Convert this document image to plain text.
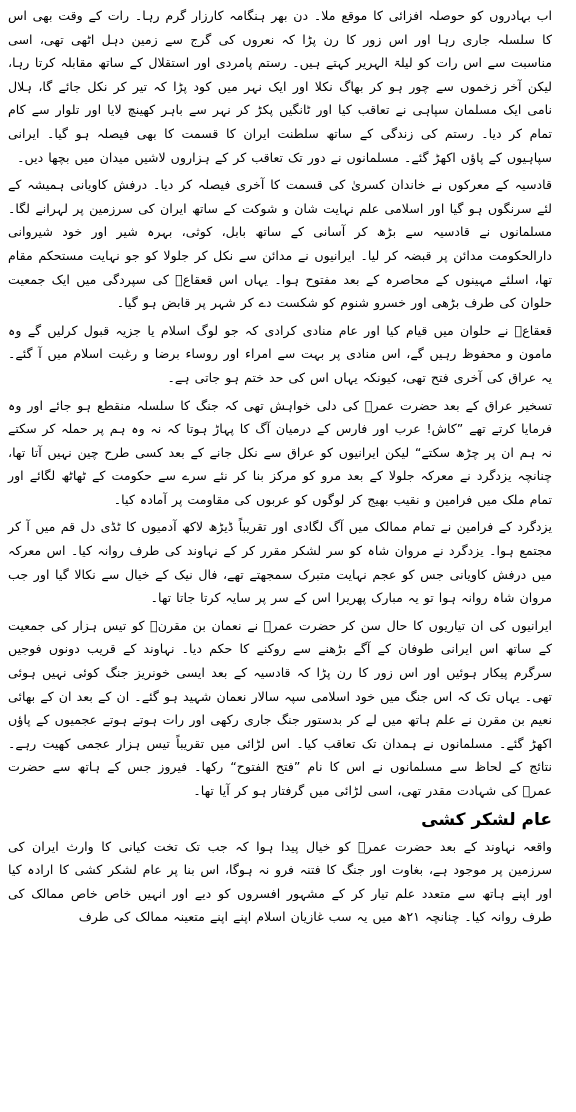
اب بہادروں کو حوصلہ افزائی کا موقع ملا۔ دن بھر ہنگامہ کارزار گرم رہا۔ رات کے وقت بھی اس کا سلسلہ جاری رہا اور اس زور کا رن پڑا کہ نعروں کی گرج سے زمین دہل اٹھی تھی، اسی مناسبت سے اس رات کو لیلۃ الہریر کہتے ہیں۔ رستم پامردی اور استقلال کے ساتھ مقابلہ کرتا رہا، لیکن آخر زخموں سے چور ہو کر بھاگ نکلا اور ایک نہر میں کود پڑا کہ تیر کر نکل جائے گا، ہلال نامی ایک مسلمان سپاہی نے تعاقب کیا اور ٹانگیں پکڑ کر نہر سے باہر کھینچ لایا اور تلوار سے کام تمام کر دیا۔ رستم کی زندگی کے ساتھ سلطنت ایران کا قسمت کا بھی فیصلہ ہو گیا۔ ایرانی سپاہیوں کے پاؤں اکھڑ گئے۔ مسلمانوں نے دور تک تعاقب کر کے ہزاروں لاشیں میدان میں بچھا دیں۔

قادسیہ کے معرکوں نے خاندان کسریٰ کی قسمت کا آخری فیصلہ کر دیا۔ درفش کاویانی ہمیشہ کے لئے سرنگوں ہو گیا اور اسلامی علم نہایت شان و شوکت کے ساتھ ایران کی سرزمین پر لہرانے لگا۔ مسلمانوں نے قادسیہ سے بڑھ کر آسانی کے ساتھ بابل، کوثی، بہرہ شیر اور خود شیروانی دارالحکومت مدائن پر قبضہ کر لیا۔ ایرانیوں نے مدائن سے نکل کر جلولا کو جو نہایت مستحکم مقام تھا، اسلئے مہینوں کے محاصرہ کے بعد مفتوح ہوا۔ یہاں اس قعقاعؓ کی سپردگی میں ایک جمعیت حلوان کی طرف بڑھی اور خسرو شنوم کو شکست دے کر شہر پر قابض ہو گیا۔

قعقاعؓ نے حلوان میں قیام کیا اور عام منادی کرادی کہ جو لوگ اسلام یا جزیہ قبول کرلیں گے وہ مامون و محفوظ رہیں گے، اس منادی پر بہت سے امراء اور روساء برضا و رغبت اسلام میں آ گئے۔ یہ عراق کی آخری فتح تھی، کیونکہ یہاں اس کی حد ختم ہو جاتی ہے۔

تسخیر عراق کے بعد حضرت عمرؓ کی دلی خواہش تھی کہ جنگ کا سلسلہ منقطع ہو جائے اور وہ فرمایا کرتے تھے ”کاش! عرب اور فارس کے درمیان آگ کا پہاڑ ہوتا کہ نہ وہ ہم پر حملہ کر سکتے نہ ہم ان پر چڑھ سکتے“ لیکن ایرانیوں کو عراق سے نکل جانے کے بعد کسی طرح چین نہیں آتا تھا، چنانچہ یزدگرد نے معرکہ جلولا کے بعد مرو کو مرکز بنا کر نئے سرے سے حکومت کے ٹھاٹھ لگائے اور تمام ملک میں فرامین و نقیب بھیج کر لوگوں کو عربوں کی مقاومت پر آمادہ کیا۔

یزدگرد کے فرامین نے تمام ممالک میں آگ لگادی اور تقریباً ڈیڑھ لاکھ آدمیوں کا ٹڈی دل قم میں آ کر مجتمع ہوا۔ یزدگرد نے مروان شاہ کو سر لشکر مقرر کر کے نہاوند کی طرف روانہ کیا۔ اس معرکہ میں درفش کاویانی جس کو عجم نہایت متبرک سمجھتے تھے، فال نیک کے خیال سے نکالا گیا اور جب مروان شاہ روانہ ہوا تو یہ مبارک پھریرا اس کے سر پر سایہ کرتا جاتا تھا۔

ایرانیوں کی ان تیاریوں کا حال سن کر حضرت عمرؓ نے نعمان بن مقرنؓ کو تیس ہزار کی جمعیت کے ساتھ اس ایرانی طوفان کے آگے بڑھنے سے روکنے کا حکم دیا۔ نہاوند کے قریب دونوں فوجیں سرگرم پیکار ہوئیں اور اس زور کا رن پڑا کہ قادسیہ کے بعد ایسی خونریز جنگ کوئی نہیں ہوئی تھی۔ یہاں تک کہ اس جنگ میں خود اسلامی سپہ سالار نعمان شہید ہو گئے۔ ان کے بعد ان کے بھائی نعیم بن مقرن نے علم ہاتھ میں لے کر بدستور جنگ جاری رکھی اور رات ہوتے ہوتے عجمیوں کے پاؤں اکھڑ گئے۔ مسلمانوں نے ہمدان تک تعاقب کیا۔ اس لڑائی میں تقریباً تیس ہزار عجمی کھیت رہے۔ نتائج کے لحاظ سے مسلمانوں نے اس کا نام ”فتح الفتوح“ رکھا۔ فیروز جس کے ہاتھ سے حضرت عمرؓ کی شہادت مقدر تھی، اسی لڑائی میں گرفتار ہو کر آیا تھا۔

عام لشکر کشی

واقعہ نہاوند کے بعد حضرت عمرؓ کو خیال پیدا ہوا کہ جب تک تخت کیانی کا وارث ایران کی سرزمین پر موجود ہے، بغاوت اور جنگ کا فتنہ فرو نہ ہوگا، اس بنا پر عام لشکر کشی کا ارادہ کیا اور اپنے ہاتھ سے متعدد علم تیار کر کے مشہور افسروں کو دیے اور انہیں خاص خاص ممالک کی طرف روانہ کیا۔ چنانچہ ۲۱ھ میں یہ سب غازیان اسلام اپنے اپنے متعینہ ممالک کی طرف
